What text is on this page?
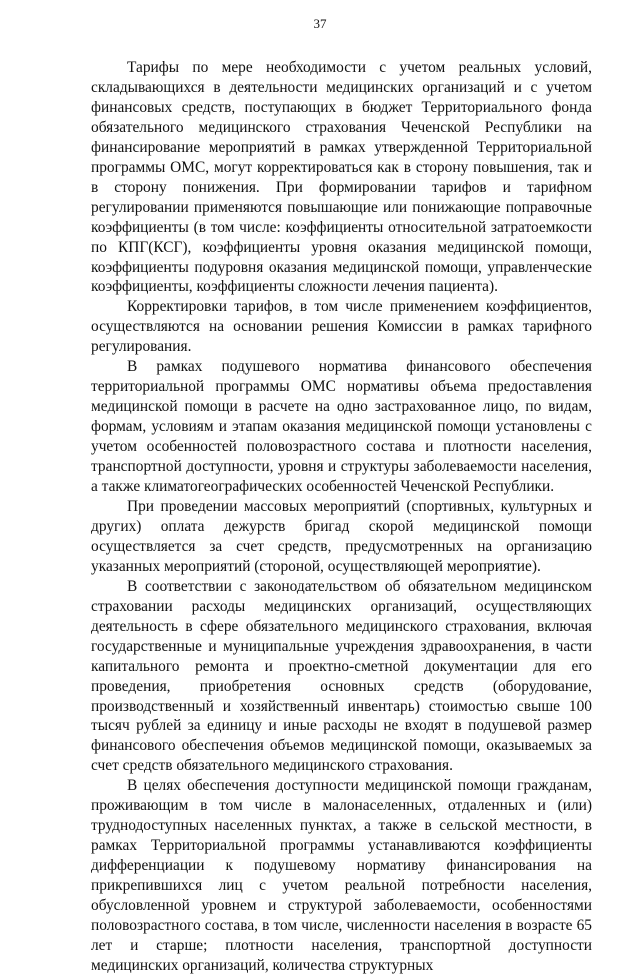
37

Тарифы по мере необходимости с учетом реальных условий, складывающихся в деятельности медицинских организаций и с учетом финансовых средств, поступающих в бюджет Территориального фонда обязательного медицинского страхования Чеченской Республики на финансирование мероприятий в рамках утвержденной Территориальной программы ОМС, могут корректироваться как в сторону повышения, так и в сторону понижения. При формировании тарифов и тарифном регулировании применяются повышающие или понижающие поправочные коэффициенты (в том числе: коэффициенты относительной затратоемкости по КПГ(КСГ), коэффициенты уровня оказания медицинской помощи, коэффициенты подуровня оказания медицинской помощи, управленческие коэффициенты, коэффициенты сложности лечения пациента).

Корректировки тарифов, в том числе применением коэффициентов, осуществляются на основании решения Комиссии в рамках тарифного регулирования.

В рамках подушевого норматива финансового обеспечения территориальной программы ОМС нормативы объема предоставления медицинской помощи в расчете на одно застрахованное лицо, по видам, формам, условиям и этапам оказания медицинской помощи установлены с учетом особенностей половозрастного состава и плотности населения, транспортной доступности, уровня и структуры заболеваемости населения, а также климатогеографических особенностей Чеченской Республики.

При проведении массовых мероприятий (спортивных, культурных и других) оплата дежурств бригад скорой медицинской помощи осуществляется за счет средств, предусмотренных на организацию указанных мероприятий (стороной, осуществляющей мероприятие).

В соответствии с законодательством об обязательном медицинском страховании расходы медицинских организаций, осуществляющих деятельность в сфере обязательного медицинского страхования, включая государственные и муниципальные учреждения здравоохранения, в части капитального ремонта и проектно-сметной документации для его проведения, приобретения основных средств (оборудование, производственный и хозяйственный инвентарь) стоимостью свыше 100 тысяч рублей за единицу и иные расходы не входят в подушевой размер финансового обеспечения объемов медицинской помощи, оказываемых за счет средств обязательного медицинского страхования.

В целях обеспечения доступности медицинской помощи гражданам, проживающим в том числе в малонаселенных, отдаленных и (или) труднодоступных населенных пунктах, а также в сельской местности, в рамках Территориальной программы устанавливаются коэффициенты дифференциации к подушевому нормативу финансирования на прикрепившихся лиц с учетом реальной потребности населения, обусловленной уровнем и структурой заболеваемости, особенностями половозрастного состава, в том числе, численности населения в возрасте 65 лет и старше; плотности населения, транспортной доступности медицинских организаций, количества структурных
